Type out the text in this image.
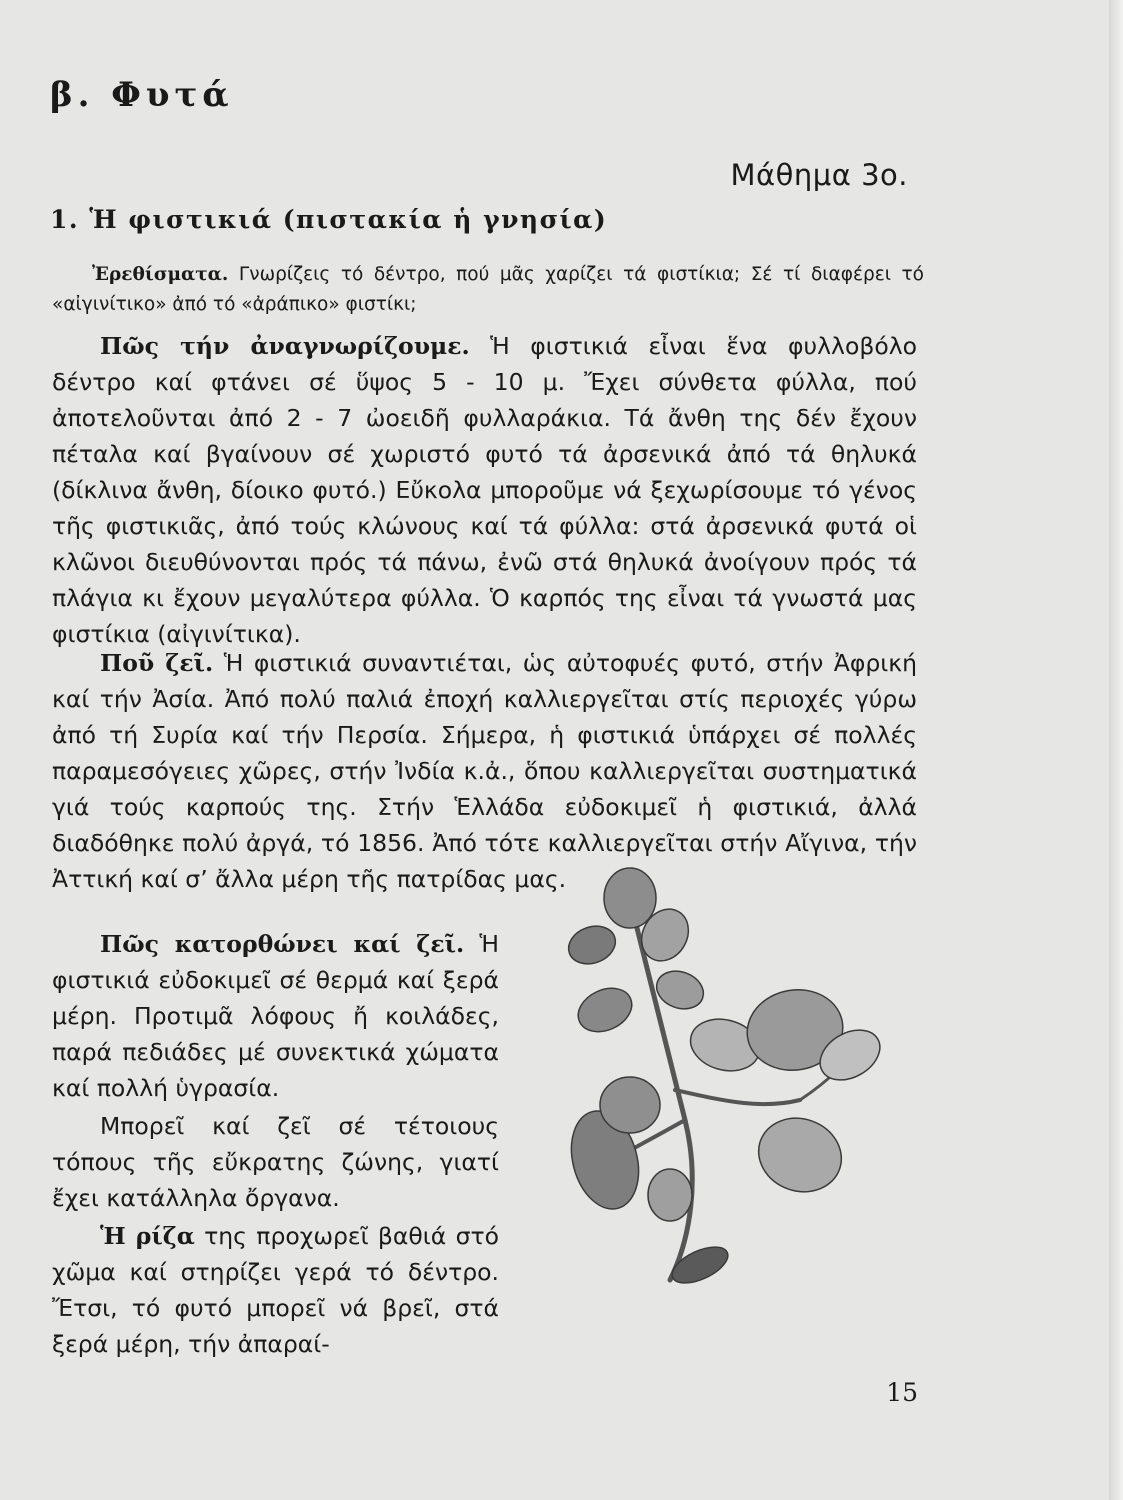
β. Φυτά
Μάθημα 3ο.
1. Ἡ φιστικιά (πιστακία ἡ γνησία)

Ἐρεθίσματα. Γνωρίζεις τό δέντρο, πού μᾶς χαρίζει τά φιστίκια; Σέ τί διαφέρει τό «αἰγινίτικο» ἀπό τό «ἀράπικο» φιστίκι;

Πῶς τήν ἀναγνωρίζουμε. Ἡ φιστικιά εἶναι ἕνα φυλλοβόλο δέντρο καί φτάνει σέ ὕψος 5 - 10 μ. Ἔχει σύνθετα φύλλα, πού ἀποτελοῦνται ἀπό 2 - 7 ὠοειδῆ φυλλαράκια. Τά ἄνθη της δέν ἔχουν πέταλα καί βγαίνουν σέ χωριστό φυτό τά ἀρσενικά ἀπό τά θηλυκά (δίκλινα ἄνθη, δίοικο φυτό.) Εὔκολα μποροῦμε νά ξεχωρίσουμε τό γένος τῆς φιστικιᾶς, ἀπό τούς κλώνους καί τά φύλλα: στά ἀρσενικά φυτά οἱ κλῶνοι διευθύνονται πρός τά πάνω, ἐνῶ στά θηλυκά ἀνοίγουν πρός τά πλάγια κι ἔχουν μεγαλύτερα φύλλα. Ὁ καρπός της εἶναι τά γνωστά μας φιστίκια (αἰγινίτικα).

Ποῦ ζεῖ. Ἡ φιστικιά συναντιέται, ὡς αὐτοφυές φυτό, στήν Ἀφρική καί τήν Ἀσία. Ἀπό πολύ παλιά ἐποχή καλλιεργεῖται στίς περιοχές γύρω ἀπό τή Συρία καί τήν Περσία. Σήμερα, ἡ φιστικιά ὑπάρχει σέ πολλές παραμεσόγειες χῶρες, στήν Ἰνδία κ.ἀ., ὅπου καλλιεργεῖται συστηματικά γιά τούς καρπούς της. Στήν Ἑλλάδα εὐδοκιμεῖ ἡ φιστικιά, ἀλλά διαδόθηκε πολύ ἀργά, τό 1856. Ἀπό τότε καλλιεργεῖται στήν Αἴγινα, τήν Ἀττική καί σ’ ἄλλα μέρη τῆς πατρίδας μας.

Πῶς κατορθώνει καί ζεῖ. Ἡ φιστικιά εὐδοκιμεῖ σέ θερμά καί ξερά μέρη. Προτιμᾶ λόφους ἤ κοιλάδες, παρά πεδιάδες μέ συνεκτικά χώματα καί πολλή ὑγρασία.

Μπορεῖ καί ζεῖ σέ τέτοιους τόπους τῆς εὔκρατης ζώνης, γιατί ἔχει κατάλληλα ὄργανα.

Ἡ ρίζα της προχωρεῖ βαθιά στό χῶμα καί στηρίζει γερά τό δέντρο. Ἔτσι, τό φυτό μπορεῖ νά βρεῖ, στά ξερά μέρη, τήν ἀπαραί-

15
